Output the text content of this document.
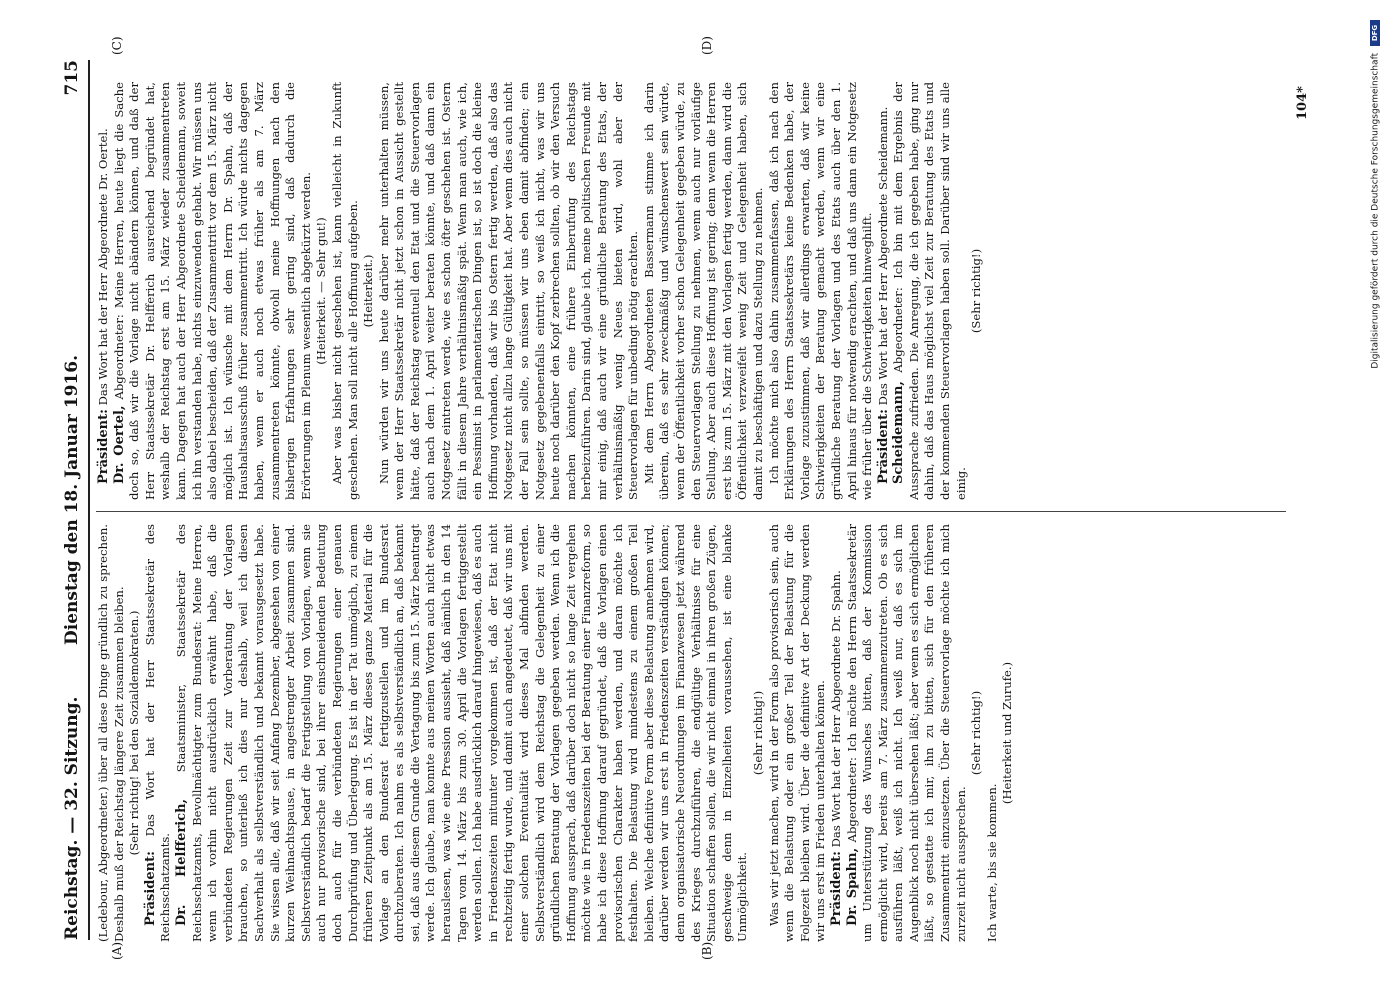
Reichstag. — 32. Sitzung.
Dienstag den 18. Januar 1916.
715
(A)	(B)
(C)	(D)

(Ledebour, Abgeordneter.) über all diese Dinge gründlich zu sprechen. Deshalb muß der Reichstag längere Zeit zusammen bleiben. (Sehr richtig! bei den Sozialdemokraten.)

Präsident: Das Wort hat der Herr Staatssekretär des Reichsschatzamts. Dr. Helfferich, Staatsminister, Staatssekretär des Reichsschatzamts, Bevollmächtigter zum Bundesrat: Meine Herren, wenn ich vorhin nicht ausdrücklich erwähnt habe, daß die verbündeten Regierungen Zeit zur Vorberatung der Vorlagen brauchen, so unterließ ich dies nur deshalb, weil ich diesen Sachverhalt als selbstverständlich und bekannt vorausgesetzt habe. Sie wissen alle, daß wir seit Anfang Dezember, abgesehen von einer kurzen Weihnachtspause, in angestrengter Arbeit zusammen sind. Selbstverständlich bedarf die Fertigstellung von Vorlagen, wenn sie auch nur provisorische sind, bei ihrer einschneidenden Bedeutung doch auch für die verbündeten Regierungen einer genauen Durchprüfung und Überlegung. Es ist in der Tat unmöglich, zu einem früheren Zeitpunkt als am 15. März dieses ganze Material für die Vorlage an den Bundesrat fertigzustellen und im Bundesrat durchzuberaten. Ich nahm es als selbstverständlich an, daß bekannt sei, daß aus diesem Grunde die Vertagung bis zum 15. März beantragt werde. Ich glaube, man konnte aus meinen Worten auch nicht etwas herauslesen, was wie eine Pression aussieht, daß nämlich in den 14 Tagen vom 14. März bis zum 30. April die Vorlagen fertiggestellt werden sollen. Ich habe ausdrücklich darauf hingewiesen, daß es auch in Friedenszeiten mitunter vorgekommen ist, daß der Etat nicht rechtzeitig fertig wurde, und damit auch angedeutet, daß wir uns mit einer solchen Eventualität wird dieses Mal abfinden werden. Selbstverständlich wird dem Reichstag die Gelegenheit zu einer gründlichen Beratung der Vorlagen gegeben werden. Wenn ich die Hoffnung aussprach, daß darüber doch nicht so lange Zeit vergehen möchte wie in Friedenszeiten bei der Beratung einer Finanzreform, so habe ich diese Hoffnung darauf gegründet, daß die Vorlagen einen provisorischen Charakter haben werden, und daran möchte ich festhalten. Die Belastung wird mindestens zu einem großen Teil bleiben. Welche definitive Form aber diese Belastung annehmen wird, darüber werden wir uns erst in Friedenszeiten verständigen können; denn organisatorische Neuordnungen im Finanzwesen jetzt während des Krieges durchzuführen, die endgültige Verhältnisse für eine Situation schaffen sollen, die wir nicht einmal in ihren großen Zügen, geschweige denn in Einzelheiten voraussehen, ist eine blanke Unmöglichkeit.

(Sehr richtig!) Was wir jetzt machen, wird in der Form also provisorisch sein, auch wenn die Belastung oder ein großer Teil der Belastung für die Folgezeit bleiben wird. Über die definitive Art der Deckung werden wir uns erst im Frieden unterhalten können. Präsident: Das Wort hat der Herr Abgeordnete Dr. Spahn.

Dr. Spahn, Abgeordneter: Ich möchte den Herrn Staatssekretär um Unterstützung des Wunsches bitten, daß der Kommission ermöglicht wird, bereits am 7. März zusammenzutreten. Ob es sich ausführen läßt, weiß ich nicht. Ich weiß nur, daß es sich im Augenblick noch nicht übersehen läßt; aber wenn es sich ermöglichen läßt, so gestatte ich mir, ihn zu bitten, sich für den früheren Zusammentritt einzusetzen. Über die Steuervorlage möchte ich mich zurzeit nicht aussprechen.

(Sehr richtig!)

Ich warte, bis sie kommen.

(Heiterkeit und Zurufe.)

Präsident: Das Wort hat der Herr Abgeordnete Dr. Oertel.

Dr. Oertel, Abgeordneter: Meine Herren, heute liegt die Sache doch so, daß wir die Vorlage nicht abändern können, und daß der Herr Staatssekretär Dr. Helfferich ausreichend begründet hat, weshalb der Reichstag erst am 15. März wieder zusammentreten kann. Dagegen hat auch der Herr Abgeordnete Scheidemann, soweit ich ihn verstanden habe, nichts einzuwenden gehabt. Wir müssen uns also dabei bescheiden, daß der Zusammentritt vor dem 15. März nicht möglich ist. Ich wünsche mit dem Herrn Dr. Spahn, daß der Haushaltsausschuß früher zusammentritt. Ich würde nichts dagegen haben, wenn er auch noch etwas früher als am 7. März zusammentreten könnte, obwohl meine Hoffnungen nach den bisherigen Erfahrungen sehr gering sind, daß dadurch die Erörterungen im Plenum wesentlich abgekürzt werden. (Heiterkeit. — Sehr gut!) Aber was bisher nicht geschehen ist, kann vielleicht in Zukunft geschehen. Man soll nicht alle Hoffnung aufgeben. (Heiterkeit.) Nun würden wir uns heute darüber mehr unterhalten müssen, wenn der Herr Staatssekretär nicht jetzt schon in Aussicht gestellt hätte, daß der Reichstag eventuell den Etat und die Steuervorlagen auch nach dem 1. April weiter beraten könnte, und daß dann ein Notgesetz eintreten werde, wie es schon öfter geschehen ist. Ostern fällt in diesem Jahre verhältnismäßig spät. Wenn man auch, wie ich, ein Pessimist in parlamentarischen Dingen ist, so ist doch die kleine Hoffnung vorhanden, daß wir bis Ostern fertig werden, daß also das Notgesetz nicht allzu lange Gültigkeit hat. Aber wenn dies auch nicht der Fall sein sollte, so müssen wir uns eben damit abfinden; ein Notgesetz gegebenenfalls eintritt, so weiß ich nicht, was wir uns heute noch darüber den Kopf zerbrechen sollten, ob wir den Versuch machen könnten, eine frühere Einberufung des Reichstags herbeizuführen. Darin sind, glaube ich, meine politischen Freunde mit mir einig, daß auch wir eine gründliche Beratung des Etats, der verhältnismäßig wenig Neues bieten wird, wohl aber der Steuervorlagen für unbedingt nötig erachten. Mit dem Herrn Abgeordneten Bassermann stimme ich darin überein, daß es sehr zweckmäßig und wünschenswert sein würde, wenn der Öffentlichkeit vorher schon Gelegenheit gegeben würde, zu den Steuervorlagen Stellung zu nehmen, wenn auch nur vorläufige Stellung. Aber auch diese Hoffnung ist gering; denn wenn die Herren erst bis zum 15. März mit den Vorlagen fertig werden, dann wird die Öffentlichkeit verzweifelt wenig Zeit und Gelegenheit haben, sich damit zu beschäftigen und dazu Stellung zu nehmen. Ich möchte mich also dahin zusammenfassen, daß ich nach den Erklärungen des Herrn Staatssekretärs keine Bedenken habe, der Vorlage zuzustimmen, daß wir allerdings erwarten, daß wir keine Schwierigkeiten der Beratung gemacht werden, wenn wir eine gründliche Beratung der Vorlagen und des Etats auch über den 1. April hinaus für notwendig erachten, und daß uns dann ein Notgesetz wie früher über die Schwierigkeiten hinweghilft. Präsident: Das Wort hat der Herr Abgeordnete Scheidemann.

Scheidemann, Abgeordneter: Ich bin mit dem Ergebnis der Aussprache zufrieden. Die Anregung, die ich gegeben habe, ging nur dahin, daß das Haus möglichst viel Zeit zur Beratung des Etats und der kommenden Steuervorlagen haben soll. Darüber sind wir uns alle einig.

(Sehr richtig!)

104*	Digitalisierung gefördert durch die Deutsche Forschungsgemeinschaft DFG
